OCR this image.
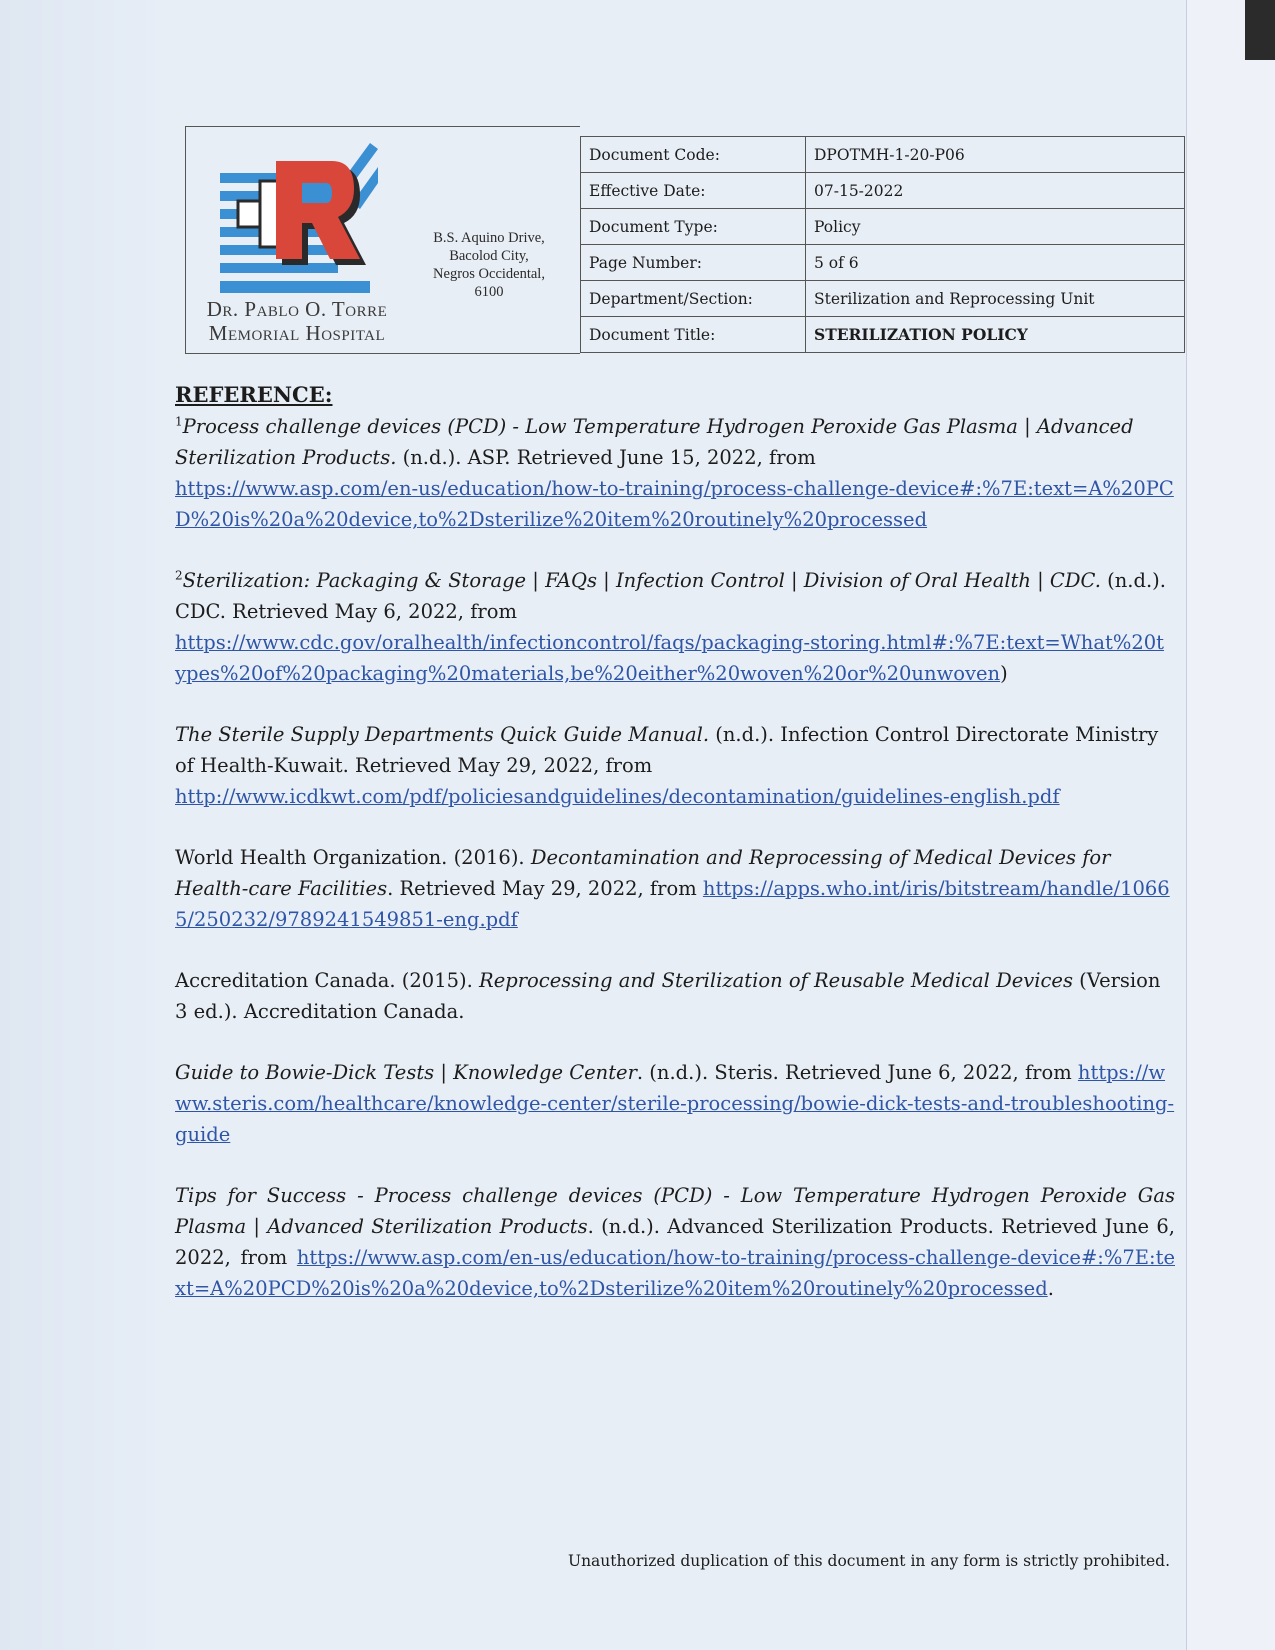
Dr. Pablo O. Torre
Memorial Hospital
B.S. Aquino Drive,
Bacolod City,
Negros Occidental,
6100
Document Code:	DPOTMH-1-20-P06
Effective Date:	07-15-2022
Document Type:	Policy
Page Number:	5 of 6
Department/Section:	Sterilization and Reprocessing Unit
Document Title:	STERILIZATION POLICY
REFERENCE:

$^1$Process challenge devices (PCD) - Low Temperature Hydrogen Peroxide Gas Plasma | Advanced Sterilization Products. (n.d.). ASP. Retrieved June 15, 2022, from
https://www.asp.com/en-us/education/how-to-training/process-challenge-device#:%7E:text=A%20PCD%20is%20a%20device,to%2Dsterilize%20item%20routinely%20processed

$^2$Sterilization: Packaging & Storage | FAQs | Infection Control | Division of Oral Health | CDC. (n.d.). CDC. Retrieved May 6, 2022, from
https://www.cdc.gov/oralhealth/infectioncontrol/faqs/packaging-storing.html#:%7E:text=What%20types%20of%20packaging%20materials,be%20either%20woven%20or%20unwoven)

The Sterile Supply Departments Quick Guide Manual. (n.d.). Infection Control Directorate Ministry of Health-Kuwait. Retrieved May 29, 2022, from
http://www.icdkwt.com/pdf/policiesandguidelines/decontamination/guidelines-english.pdf

World Health Organization. (2016). Decontamination and Reprocessing of Medical Devices for Health-care Facilities. Retrieved May 29, 2022, from https://apps.who.int/iris/bitstream/handle/10665/250232/9789241549851-eng.pdf

Accreditation Canada. (2015). Reprocessing and Sterilization of Reusable Medical Devices (Version 3 ed.). Accreditation Canada.

Guide to Bowie-Dick Tests | Knowledge Center. (n.d.). Steris. Retrieved June 6, 2022, from https://www.steris.com/healthcare/knowledge-center/sterile-processing/bowie-dick-tests-and-troubleshooting-guide

Tips for Success - Process challenge devices (PCD) - Low Temperature Hydrogen Peroxide Gas Plasma | Advanced Sterilization Products. (n.d.). Advanced Sterilization Products. Retrieved June 6, 2022, from https://www.asp.com/en-us/education/how-to-training/process-challenge-device#:%7E:text=A%20PCD%20is%20a%20device,to%2Dsterilize%20item%20routinely%20processed.

Unauthorized duplication of this document in any form is strictly prohibited.
